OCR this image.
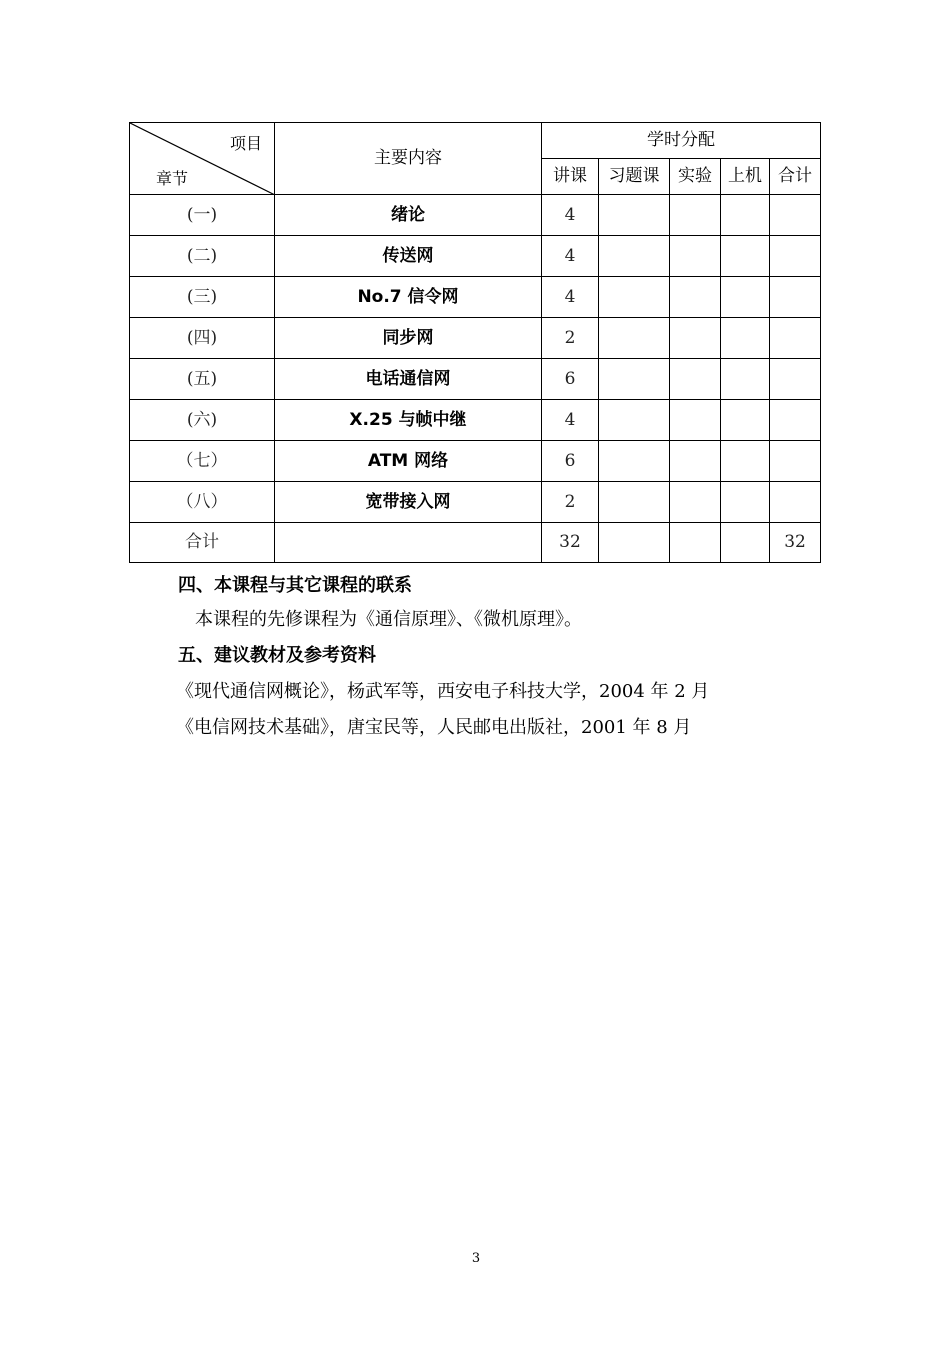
项目
章节	主要内容	学时分配				
		讲课	习题课	实验	上机	合计
(一)	绪论	4				
(二)	传送网	4				
(三)	No.7 信令网	4				
(四)	同步网	2				
(五)	电话通信网	6				
(六)	X.25 与帧中继	4				
（七）	ATM 网络	6				
（八）	宽带接入网	2				
合计		32				32
四、本课程与其它课程的联系
本课程的先修课程为《通信原理》、《微机原理》。
五、建议教材及参考资料
《现代通信网概论》，杨武军等，西安电子科技大学，2004 年 2 月
《电信网技术基础》，唐宝民等，人民邮电出版社，2001 年 8 月
3
